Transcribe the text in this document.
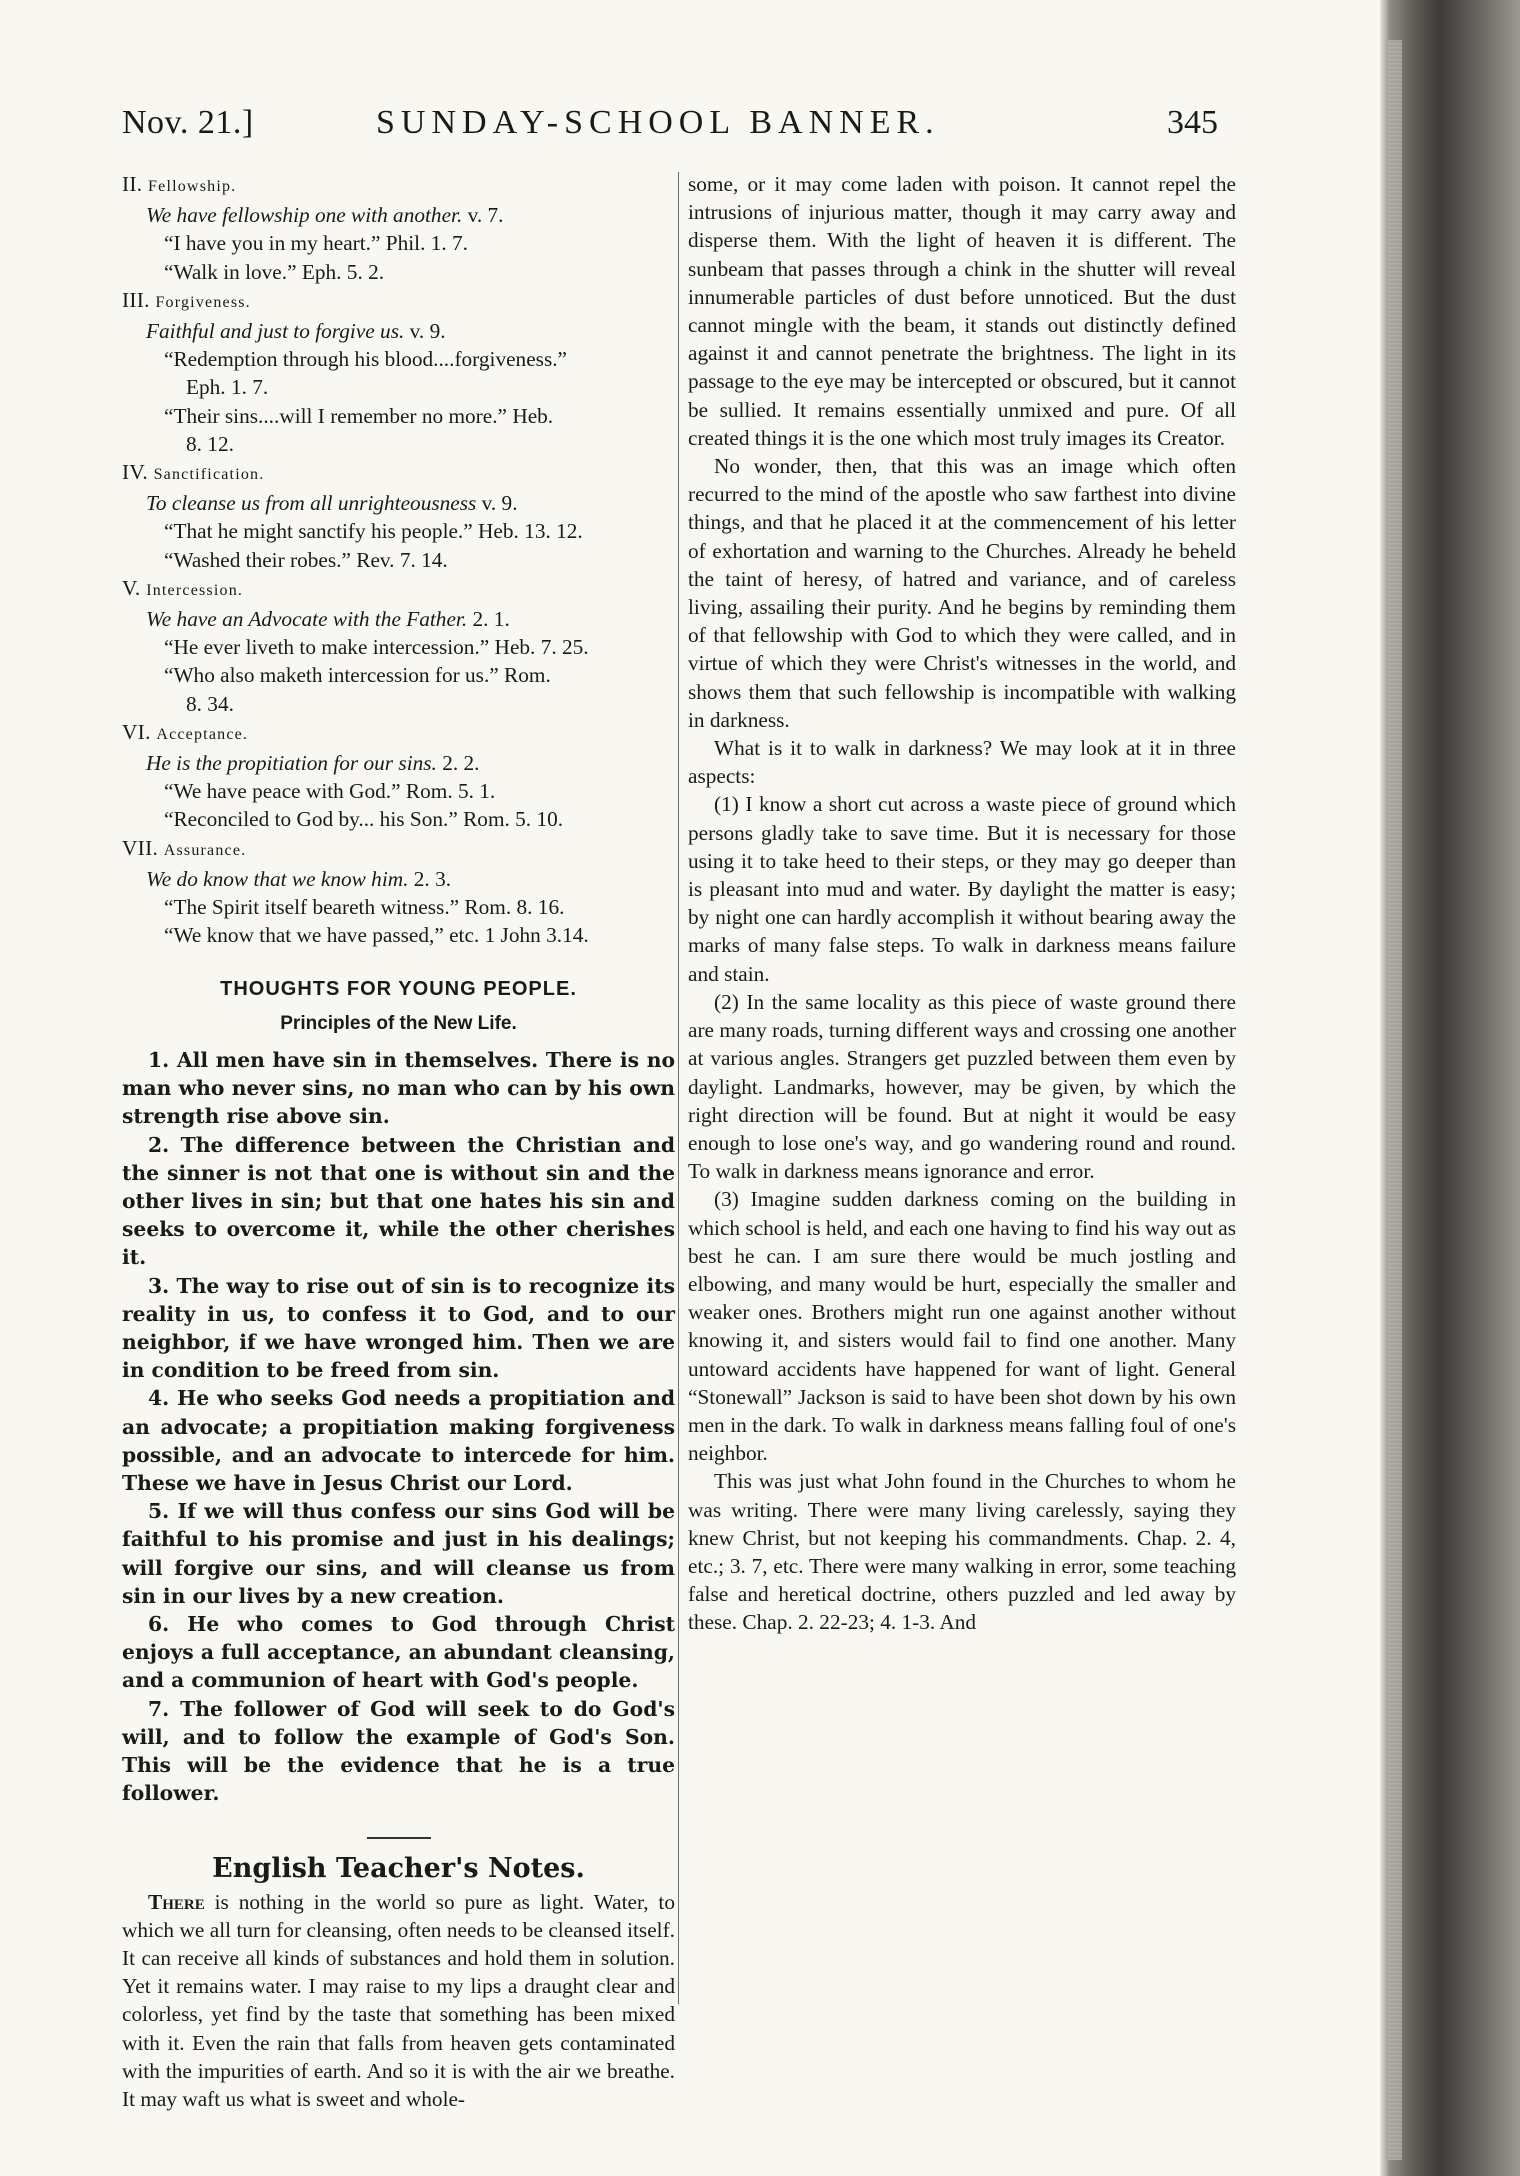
Nov. 21.]	SUNDAY-SCHOOL BANNER.	345

II. Fellowship.

We have fellowship one with another. v. 7.

“I have you in my heart.” Phil. 1. 7.

“Walk in love.” Eph. 5. 2.

III. Forgiveness.

Faithful and just to forgive us. v. 9.

“Redemption through his blood....forgiveness.”
Eph. 1. 7.

“Their sins....will I remember no more.” Heb.
8. 12.

IV. Sanctification.

To cleanse us from all unrighteousness v. 9.

“That he might sanctify his people.” Heb. 13. 12.

“Washed their robes.” Rev. 7. 14.

V. Intercession.

We have an Advocate with the Father. 2. 1.

“He ever liveth to make intercession.” Heb. 7. 25.

“Who also maketh intercession for us.” Rom.
8. 34.

VI. Acceptance.

He is the propitiation for our sins. 2. 2.

“We have peace with God.” Rom. 5. 1.

“Reconciled to God by... his Son.” Rom. 5. 10.

VII. Assurance.

We do know that we know him. 2. 3.

“The Spirit itself beareth witness.” Rom. 8. 16.

“We know that we have passed,” etc. 1 John 3.14.

THOUGHTS FOR YOUNG PEOPLE.
Principles of the New Life.

1. All men have sin in themselves. There is no man who never sins, no man who can by his own strength rise above sin.

2. The difference between the Christian and the sinner is not that one is without sin and the other lives in sin; but that one hates his sin and seeks to overcome it, while the other cherishes it.

3. The way to rise out of sin is to recognize its reality in us, to confess it to God, and to our neighbor, if we have wronged him. Then we are in condition to be freed from sin.

4. He who seeks God needs a propitiation and an advocate; a propitiation making forgiveness possible, and an advocate to intercede for him. These we have in Jesus Christ our Lord.

5. If we will thus confess our sins God will be faithful to his promise and just in his dealings; will forgive our sins, and will cleanse us from sin in our lives by a new creation.

6. He who comes to God through Christ enjoys a full acceptance, an abundant cleansing, and a communion of heart with God's people.

7. The follower of God will seek to do God's will, and to follow the example of God's Son. This will be the evidence that he is a true follower.

English Teacher's Notes.

There is nothing in the world so pure as light. Water, to which we all turn for cleansing, often needs to be cleansed itself. It can receive all kinds of substances and hold them in solution. Yet it remains water. I may raise to my lips a draught clear and colorless, yet find by the taste that something has been mixed with it. Even the rain that falls from heaven gets contaminated with the impurities of earth. And so it is with the air we breathe. It may waft us what is sweet and whole-

some, or it may come laden with poison. It cannot repel the intrusions of injurious matter, though it may carry away and disperse them. With the light of heaven it is different. The sunbeam that passes through a chink in the shutter will reveal innumerable particles of dust before unnoticed. But the dust cannot mingle with the beam, it stands out distinctly defined against it and cannot penetrate the brightness. The light in its passage to the eye may be intercepted or obscured, but it cannot be sullied. It remains essentially unmixed and pure. Of all created things it is the one which most truly images its Creator.

No wonder, then, that this was an image which often recurred to the mind of the apostle who saw farthest into divine things, and that he placed it at the commencement of his letter of exhortation and warning to the Churches. Already he beheld the taint of heresy, of hatred and variance, and of careless living, assailing their purity. And he begins by reminding them of that fellowship with God to which they were called, and in virtue of which they were Christ's witnesses in the world, and shows them that such fellowship is incompatible with walking in darkness.

What is it to walk in darkness? We may look at it in three aspects:

(1) I know a short cut across a waste piece of ground which persons gladly take to save time. But it is necessary for those using it to take heed to their steps, or they may go deeper than is pleasant into mud and water. By daylight the matter is easy; by night one can hardly accomplish it without bearing away the marks of many false steps. To walk in darkness means failure and stain.

(2) In the same locality as this piece of waste ground there are many roads, turning different ways and crossing one another at various angles. Strangers get puzzled between them even by daylight. Landmarks, however, may be given, by which the right direction will be found. But at night it would be easy enough to lose one's way, and go wandering round and round. To walk in darkness means ignorance and error.

(3) Imagine sudden darkness coming on the building in which school is held, and each one having to find his way out as best he can. I am sure there would be much jostling and elbowing, and many would be hurt, especially the smaller and weaker ones. Brothers might run one against another without knowing it, and sisters would fail to find one another. Many untoward accidents have happened for want of light. General “Stonewall” Jackson is said to have been shot down by his own men in the dark. To walk in darkness means falling foul of one's neighbor.

This was just what John found in the Churches to whom he was writing. There were many living carelessly, saying they knew Christ, but not keeping his commandments. Chap. 2. 4, etc.; 3. 7, etc. There were many walking in error, some teaching false and heretical doctrine, others puzzled and led away by these. Chap. 2. 22-23; 4. 1-3. And
